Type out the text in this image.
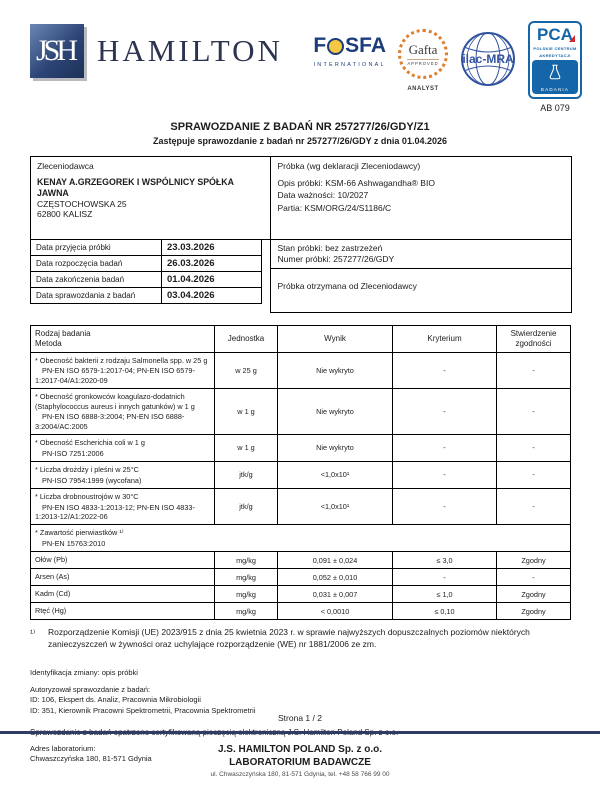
JSH HAMILTON F SFA
INTERNATIONAL
Gafta
APPROVED
ANALYST
ilac-MRA
PCA
POLSKIE CENTRUM
AKREDYTACJI
BADANIA
AB 079
SPRAWOZDANIE Z BADAŃ NR 257277/26/GDY/Z1
Zastępuje sprawozdanie z badań nr 257277/26/GDY z dnia 01.04.2026
Zleceniodawca
KENAY A.GRZEGOREK I WSPÓLNICY SPÓŁKA JAWNA
CZĘSTOCHOWSKA 25
62800 KALISZ
Data przyjęcia próbki	23.03.2026
Data rozpoczęcia badań	26.03.2026
Data zakończenia badań	01.04.2026
Data sprawozdania z badań	03.04.2026
Próbka (wg deklaracji Zleceniodawcy)
Opis próbki: KSM-66 Ashwagandha® BIO
Data ważności: 10/2027
Partia: KSM/ORG/24/S1186/C
Stan próbki: bez zastrzeżeń
Numer próbki: 257277/26/GDY
Próbka otrzymana od Zleceniodawcy
Rodzaj badania
Metoda	Jednostka	Wynik	Kryterium	Stwierdzenie zgodności

* Obecność bakterii z rodzaju Salmonella spp. w 25 g
PN-EN ISO 6579-1:2017-04; PN-EN ISO 6579-1:2017-04/A1:2020-09	w 25 g	Nie wykryto	-	-

* Obecność gronkowców koagulazo-dodatnich (Staphylococcus aureus i innych gatunków) w 1 g
PN-EN ISO 6888-3:2004; PN-EN ISO 6888-3:2004/AC:2005	w 1 g	Nie wykryto	-	-

* Obecność Escherichia coli w 1 g
PN-ISO 7251:2006	w 1 g	Nie wykryto	-	-

* Liczba drożdży i pleśni w 25°C
PN-ISO 7954:1999 (wycofana)	jtk/g	<1,0x10¹	-	-

* Liczba drobnoustrojów w 30°C
PN-EN ISO 4833-1:2013-12; PN-EN ISO 4833-1:2013-12/A1:2022-06	jtk/g	<1,0x10¹	-	-

* Zawartość pierwiastków ¹⁾
PN-EN 15763:2010				

Ołów (Pb)	mg/kg	0,091 ± 0,024	≤ 3,0	Zgodny
Arsen (As)	mg/kg	0,052 ± 0,010	-	-
Kadm (Cd)	mg/kg	0,031 ± 0,007	≤ 1,0	Zgodny
Rtęć (Hg)	mg/kg	< 0,0010	≤ 0,10	Zgodny
¹⁾	Rozporządzenie Komisji (UE) 2023/915 z dnia 25 kwietnia 2023 r. w sprawie najwyższych dopuszczalnych poziomów niektórych zanieczyszczeń w żywności oraz uchylające rozporządzenie (WE) nr 1881/2006 ze zm.
Identyfikacja zmiany: opis próbki
Autoryzował sprawozdanie z badań:
ID: 106, Ekspert ds. Analiz, Pracownia Mikrobiologii
ID: 351, Kierownik Pracowni Spektrometrii, Pracownia Spektrometrii
Sprawozdanie z badań opatrzono certyfikowaną pieczęcią elektroniczną J.S. Hamilton Poland Sp. z o.o.
Adres laboratorium:
Chwaszczyńska 180, 81-571 Gdynia
Strona 1 / 2
J.S. HAMILTON POLAND Sp. z o.o.
LABORATORIUM BADAWCZE
ul. Chwaszczyńska 180, 81-571 Gdynia, tel. +48 58 766 99 00
